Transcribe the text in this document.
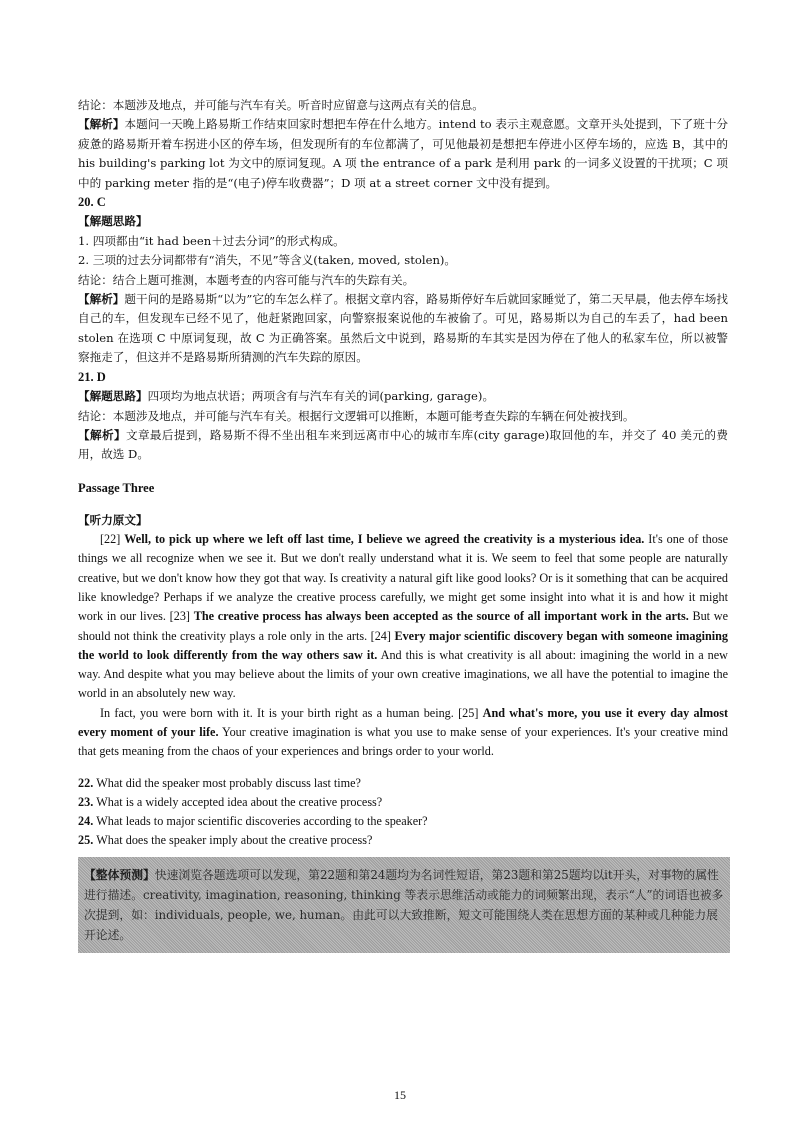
结论：本题涉及地点，并可能与汽车有关。听音时应留意与这两点有关的信息。

【解析】本题问一天晚上路易斯工作结束回家时想把车停在什么地方。intend to 表示主观意愿。文章开头处提到，下了班十分疲惫的路易斯开着车拐进小区的停车场，但发现所有的车位都满了，可见他最初是想把车停进小区停车场的，应选 B，其中的 his building's parking lot 为文中的原词复现。A 项 the entrance of a park 是利用 park 的一词多义设置的干扰项；C 项中的 parking meter 指的是“(电子)停车收费器”；D 项 at a street corner 文中没有提到。

20. C

【解题思路】

1. 四项都由“it had been＋过去分词”的形式构成。

2. 三项的过去分词都带有“消失，不见”等含义(taken, moved, stolen)。

结论：结合上题可推测，本题考查的内容可能与汽车的失踪有关。

【解析】题干问的是路易斯“以为”它的车怎么样了。根据文章内容，路易斯停好车后就回家睡觉了，第二天早晨，他去停车场找自己的车，但发现车已经不见了，他赶紧跑回家，向警察报案说他的车被偷了。可见，路易斯以为自己的车丢了，had been stolen 在选项 C 中原词复现，故 C 为正确答案。虽然后文中说到，路易斯的车其实是因为停在了他人的私家车位，所以被警察拖走了，但这并不是路易斯所猜测的汽车失踪的原因。

21. D

【解题思路】四项均为地点状语；两项含有与汽车有关的词(parking, garage)。

结论：本题涉及地点，并可能与汽车有关。根据行文逻辑可以推断，本题可能考查失踪的车辆在何处被找到。

【解析】文章最后提到，路易斯不得不坐出租车来到远离市中心的城市车库(city garage)取回他的车，并交了 40 美元的费用，故选 D。

Passage Three

【听力原文】

[22] Well, to pick up where we left off last time, I believe we agreed the creativity is a mysterious idea. It's one of those things we all recognize when we see it. But we don't really understand what it is. We seem to feel that some people are naturally creative, but we don't know how they got that way. Is creativity a natural gift like good looks? Or is it something that can be acquired like knowledge? Perhaps if we analyze the creative process carefully, we might get some insight into what it is and how it might work in our lives. [23] The creative process has always been accepted as the source of all important work in the arts. But we should not think the creativity plays a role only in the arts. [24] Every major scientific discovery began with someone imagining the world to look differently from the way others saw it. And this is what creativity is all about: imagining the world in a new way. And despite what you may believe about the limits of your own creative imaginations, we all have the potential to imagine the world in an absolutely new way.

In fact, you were born with it. It is your birth right as a human being. [25] And what's more, you use it every day almost every moment of your life. Your creative imagination is what you use to make sense of your experiences. It's your creative mind that gets meaning from the chaos of your experiences and brings order to your world.

22. What did the speaker most probably discuss last time?
23. What is a widely accepted idea about the creative process?
24. What leads to major scientific discoveries according to the speaker?
25. What does the speaker imply about the creative process?
【整体预测】快速浏览各题选项可以发现，第22题和第24题均为名词性短语，第23题和第25题均以it开头，对事物的属性进行描述。creativity, imagination, reasoning, thinking 等表示思维活动或能力的词频繁出现，表示“人”的词语也被多次提到，如：individuals, people, we, human。由此可以大致推断，短文可能围绕人类在思想方面的某种或几种能力展开论述。
15
